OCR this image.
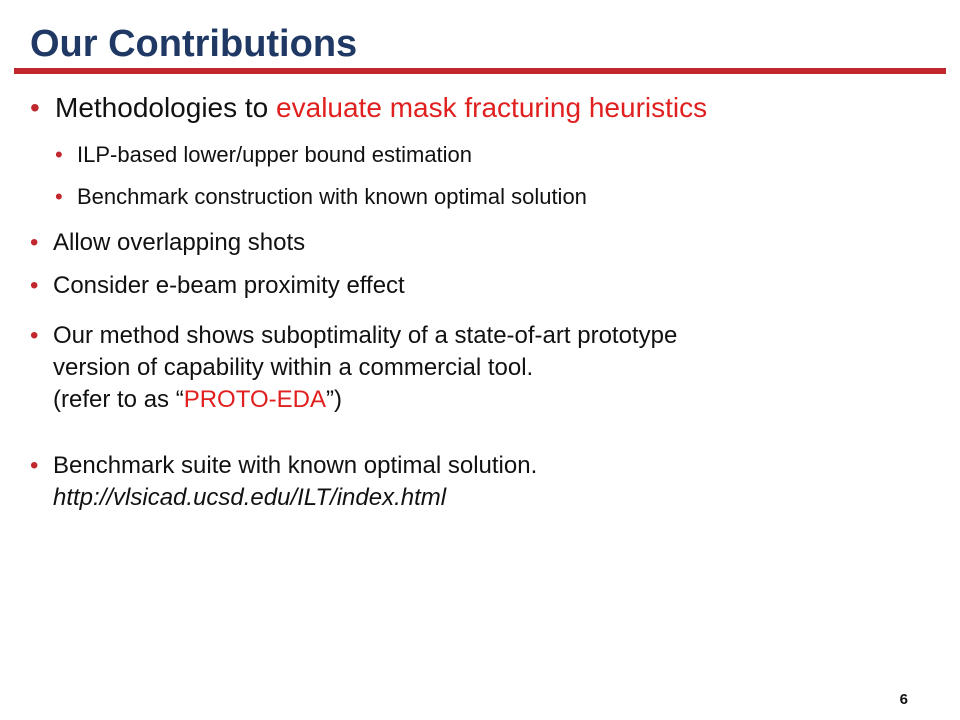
Our Contributions
• Methodologies to evaluate mask fracturing heuristics
• ILP-based lower/upper bound estimation
• Benchmark construction with known optimal solution
• Allow overlapping shots
• Consider e-beam proximity effect
• Our method shows suboptimality of a state-of-art prototype
version of capability within a commercial tool.
(refer to as “PROTO-EDA”)
• Benchmark suite with known optimal solution.
http://vlsicad.ucsd.edu/ILT/index.html
6
